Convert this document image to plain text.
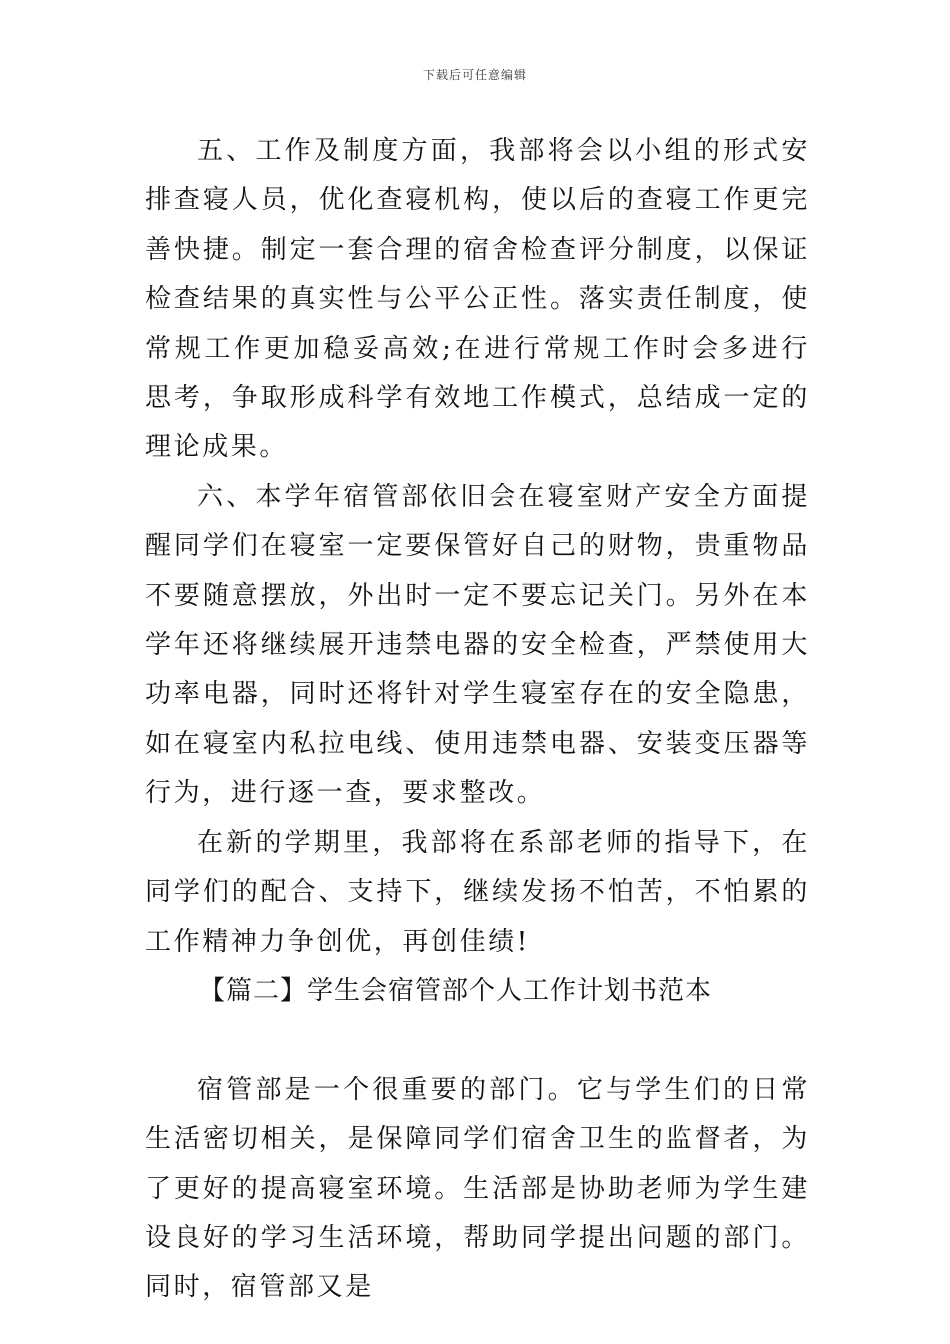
下载后可任意编辑

五、工作及制度方面，我部将会以小组的形式安排查寝人员，优化查寝机构，使以后的查寝工作更完善快捷。制定一套合理的宿舍检查评分制度，以保证检查结果的真实性与公平公正性。落实责任制度，使常规工作更加稳妥高效;在进行常规工作时会多进行思考，争取形成科学有效地工作模式，总结成一定的理论成果。

六、本学年宿管部依旧会在寝室财产安全方面提醒同学们在寝室一定要保管好自己的财物，贵重物品不要随意摆放，外出时一定不要忘记关门。另外在本学年还将继续展开违禁电器的安全检查，严禁使用大功率电器，同时还将针对学生寝室存在的安全隐患，如在寝室内私拉电线、使用违禁电器、安装变压器等行为，进行逐一查，要求整改。

在新的学期里，我部将在系部老师的指导下，在同学们的配合、支持下，继续发扬不怕苦，不怕累的工作精神力争创优，再创佳绩!

【篇二】学生会宿管部个人工作计划书范本

宿管部是一个很重要的部门。它与学生们的日常生活密切相关，是保障同学们宿舍卫生的监督者，为了更好的提高寝室环境。生活部是协助老师为学生建设良好的学习生活环境，帮助同学提出问题的部门。同时，宿管部又是
